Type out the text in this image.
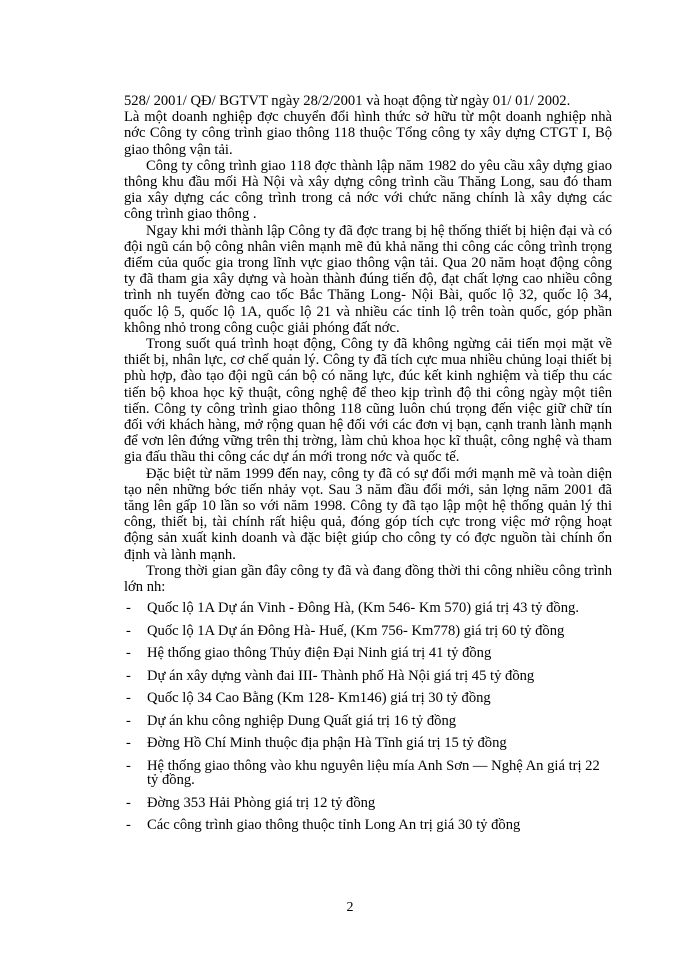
528/ 2001/ QĐ/ BGTVT ngày 28/2/2001 và hoạt động từ ngày 01/ 01/ 2002.

Là một doanh nghiệp đợc chuyển đổi hình thức sở hữu từ một doanh nghiệp nhà nớc Công ty công trình giao thông 118 thuộc Tổng công ty xây dựng CTGT I, Bộ giao thông vận tải.

Công ty công trình giao 118 đợc thành lập năm 1982 do yêu cầu xây dựng giao thông khu đầu mối Hà Nội và xây dựng công trình cầu Thăng Long, sau đó tham gia xây dựng các công trình trong cả nớc với chức năng chính là xây dựng các công trình giao thông .

Ngay khi mới thành lập Công ty đã đợc trang bị hệ thống thiết bị hiện đại và có đội ngũ cán bộ công nhân viên mạnh mẽ đủ khả năng thi công các công trình trọng điểm của quốc gia trong lĩnh vực giao thông vận tải. Qua 20 năm hoạt động công ty đã tham gia xây dựng và hoàn thành đúng tiến độ, đạt chất lợng cao nhiều công trình nh tuyến đờng cao tốc Bắc Thăng Long- Nội Bài, quốc lộ 32, quốc lộ 34, quốc lộ 5, quốc lộ 1A, quốc lộ 21 và nhiều các tỉnh lộ trên toàn quốc, góp phần không nhỏ trong công cuộc giải phóng đất nớc.

Trong suốt quá trình hoạt động, Công ty đã không ngừng cải tiến mọi mặt về thiết bị, nhân lực, cơ chế quản lý. Công ty đã tích cực mua nhiều chủng loại thiết bị phù hợp, đào tạo đội ngũ cán bộ có năng lực, đúc kết kinh nghiệm và tiếp thu các tiến bộ khoa học kỹ thuật, công nghệ để theo kịp trình độ thi công ngày một tiên tiến. Công ty công trình giao thông 118 cũng luôn chú trọng đến việc giữ chữ tín đối với khách hàng, mở rộng quan hệ đối với các đơn vị bạn, cạnh tranh lành mạnh để vơn lên đứng vững trên thị trờng, làm chủ khoa học kĩ thuật, công nghệ và tham gia đấu thầu thi công các dự án mới trong nớc và quốc tế.

Đặc biệt từ năm 1999 đến nay, công ty đã có sự đổi mới mạnh mẽ và toàn diện tạo nên những bớc tiến nhảy vọt. Sau 3 năm đầu đổi mới, sản lợng năm 2001 đã tăng lên gấp 10 lần so với năm 1998. Công ty đã tạo lập một hệ thống quản lý thi công, thiết bị, tài chính rất hiệu quả, đóng góp tích cực trong việc mở rộng hoạt động sản xuất kinh doanh và đặc biệt giúp cho công ty có đợc nguồn tài chính ổn định và lành mạnh.

Trong thời gian gần đây công ty đã và đang đồng thời thi công nhiều công trình lớn nh:

- Quốc lộ 1A Dự án Vinh - Đông Hà, (Km 546- Km 570) giá trị 43 tỷ đồng.
- Quốc lộ 1A Dự án Đông Hà- Huế, (Km 756- Km778) giá trị 60 tỷ đồng
- Hệ thống giao thông Thủy điện Đại Ninh giá trị 41 tỷ đồng
- Dự án xây dựng vành đai III- Thành phố Hà Nội giá trị 45 tỷ đồng
- Quốc lộ 34 Cao Bằng (Km 128- Km146) giá trị 30 tỷ đồng
- Dự án khu công nghiệp Dung Quất giá trị 16 tỷ đồng
- Đờng Hồ Chí Minh thuộc địa phận Hà Tĩnh giá trị 15 tỷ đồng
- Hệ thống giao thông vào khu nguyên liệu mía Anh Sơn — Nghệ An giá trị 22 tỷ đồng.
- Đờng 353 Hải Phòng giá trị 12 tỷ đồng
- Các công trình giao thông thuộc tỉnh Long An trị giá 30 tỷ đồng
2
